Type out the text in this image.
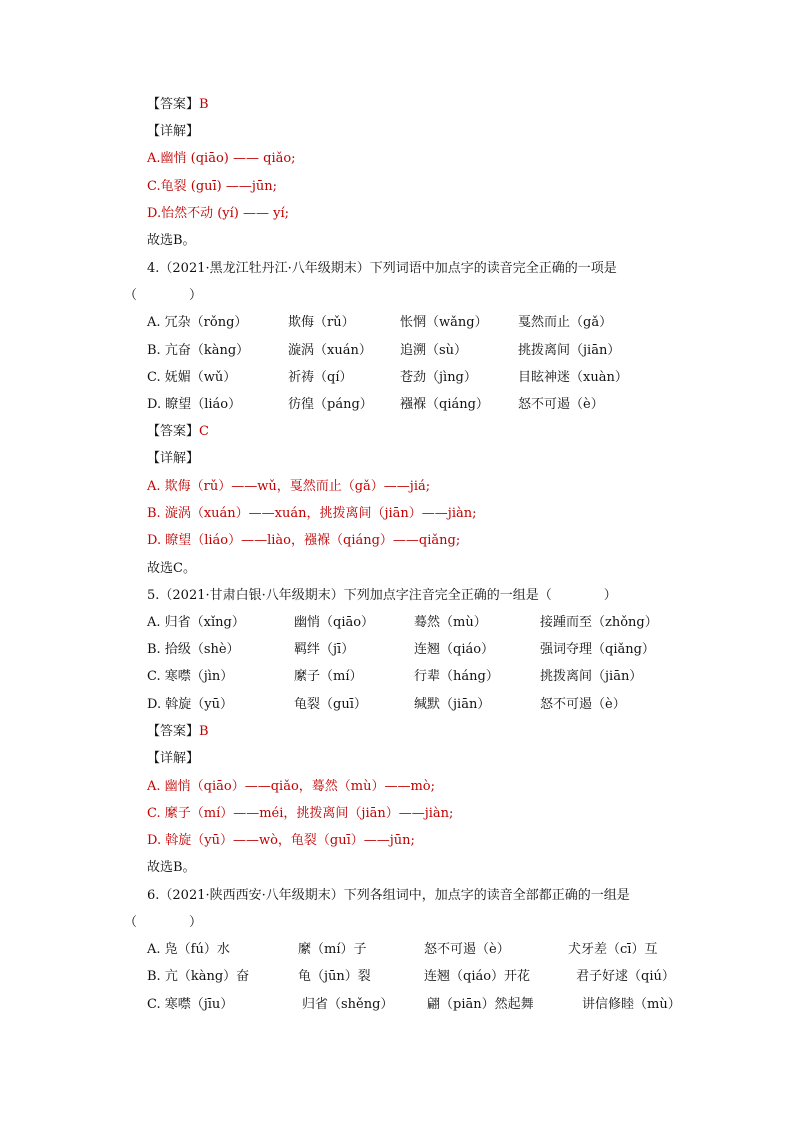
【答案】B
【详解】
A.幽悄 (qiāo) —— qiǎo;
C.龟裂 (guī) ——jūn;
D.怡然不动 (yí) —— yí;
故选B。
4.（2021·黑龙江牡丹江·八年级期末）下列词语中加点字的读音完全正确的一项是
（　　　　）
A. 冗杂（rǒng）	欺侮（rǔ）	怅惘（wǎng） 戛然而止（gǎ）
B. 亢奋（kàng）	漩涡（xuán） 追溯（sù）	挑拨离间（jiān）
C. 妩媚（wǔ）	祈祷（qí）	苍劲（jìng）	目眩神迷（xuàn）
D. 瞭望（liáo）	彷徨（páng） 襁褓（qiáng） 怒不可遏（è）
【答案】C
【详解】
A. 欺侮（rǔ）——wǔ，戛然而止（gǎ）——jiá;
B. 漩涡（xuán）——xuán，挑拨离间（jiān）——jiàn;
D. 瞭望（liáo）——liào，襁褓（qiáng）——qiǎng;
故选C。
5.（2021·甘肃白银·八年级期末）下列加点字注音完全正确的一组是（　　　　）
A. 归省（xǐng）	幽悄（qiāo）	蓦然（mù）	接踵而至（zhǒng）
B. 拾级（shè）	羁绊（jī）	连翘（qiáo）	强词夺理（qiǎng）
C. 寒噤（jìn）	縻子（mí）	行辈（háng）	挑拨离间（jiān）
D. 斡旋（yū）	龟裂（guī）	缄默（jiān）	怒不可遏（è）
【答案】B
【详解】
A. 幽悄（qiāo）——qiǎo，蓦然（mù）——mò;
C. 縻子（mí）——méi，挑拨离间（jiān）——jiàn;
D. 斡旋（yū）——wò，龟裂（guī）——jūn;
故选B。
6.（2021·陕西西安·八年级期末）下列各组词中，加点字的读音全部都正确的一组是
（　　　　）
A. 凫（fú）水	縻（mí）子	怒不可遏（è）	犬牙差（cī）互
B. 亢（kàng）奋	龟（jūn）裂	连翘（qiáo）开花	君子好逑（qiú）
C. 寒噤（jīu）	归省（shěng）	翩（piān）然起舞	讲信修睦（mù）
